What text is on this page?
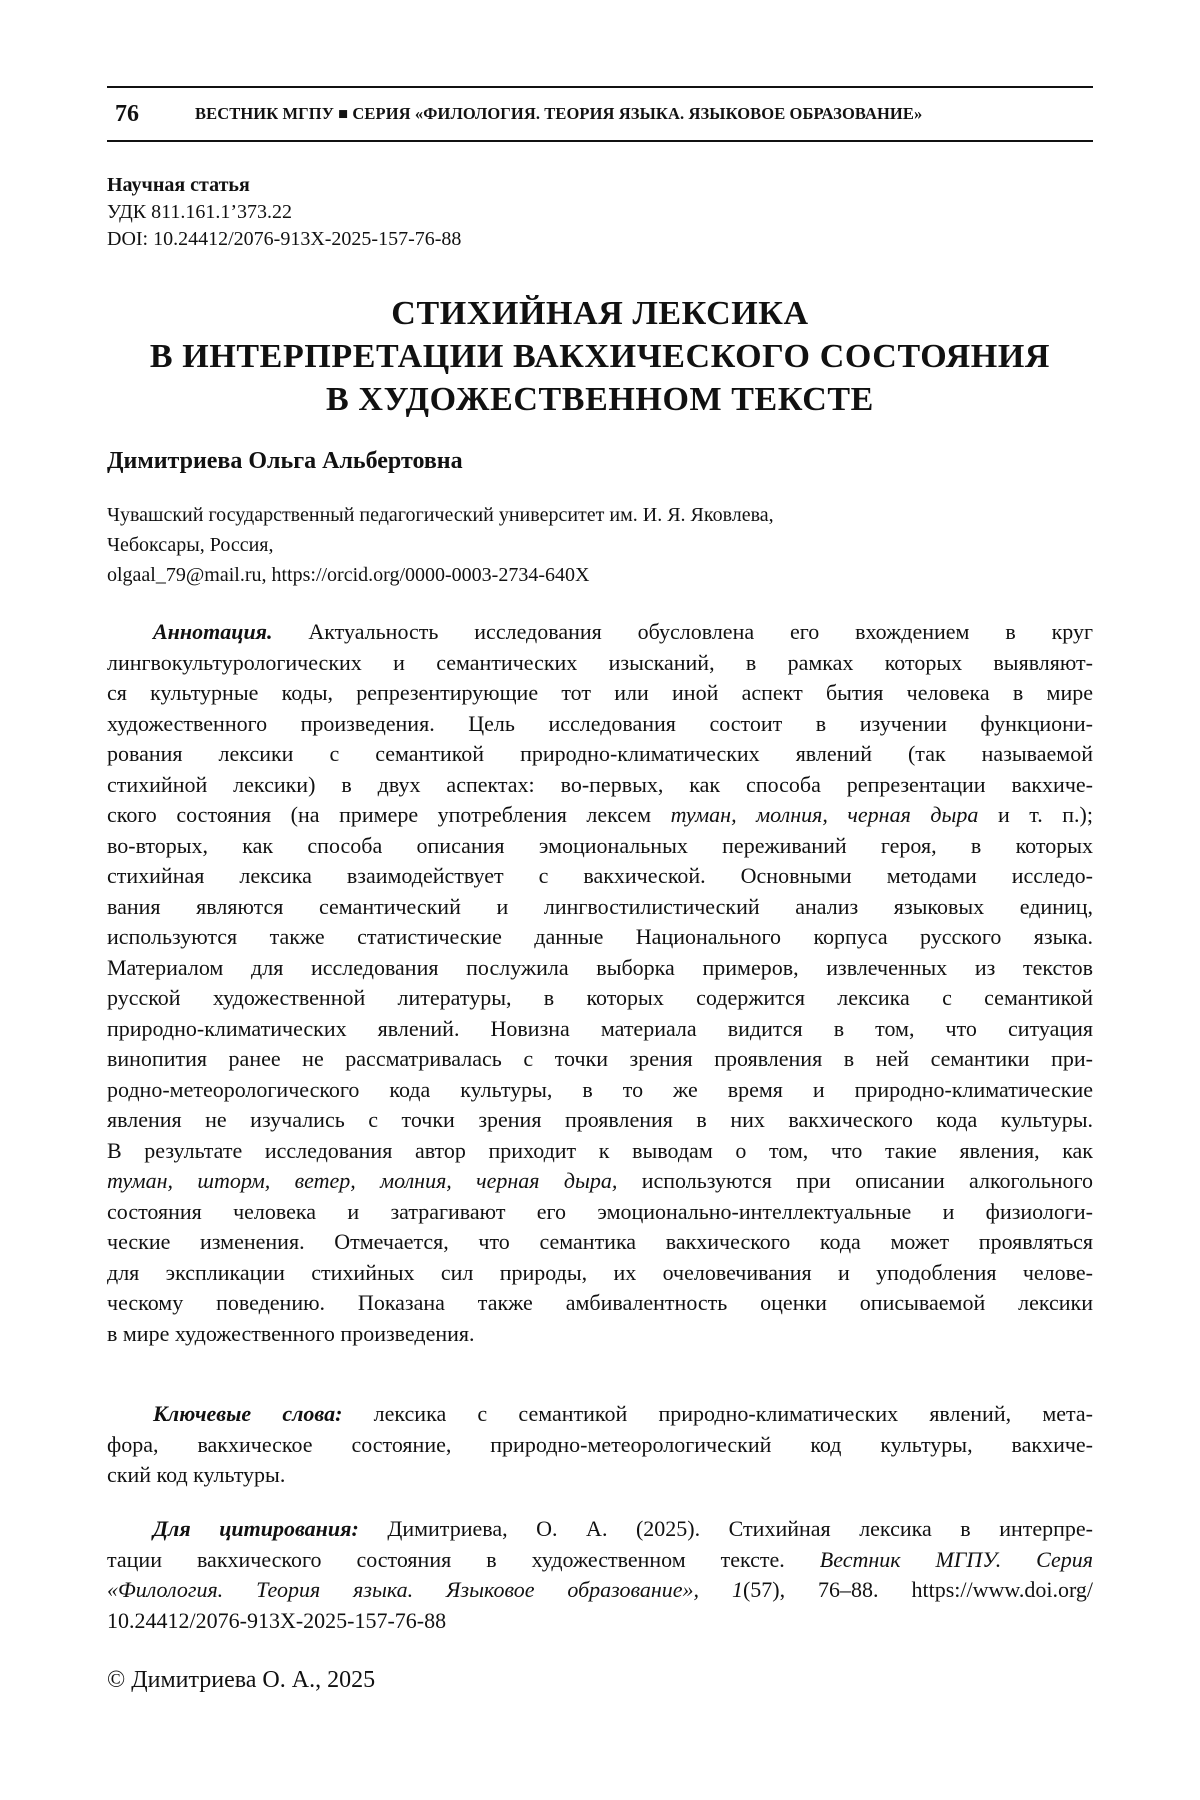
76	ВЕСТНИК МГПУ ■ СЕРИЯ «ФИЛОЛОГИЯ. ТЕОРИЯ ЯЗЫКА. ЯЗЫКОВОЕ ОБРАЗОВАНИЕ»
Научная статья
УДК 811.161.1’373.22
DOI: 10.24412/2076-913X-2025-157-76-88
СТИХИЙНАЯ ЛЕКСИКА
В ИНТЕРПРЕТАЦИИ ВАКХИЧЕСКОГО СОСТОЯНИЯ
В ХУДОЖЕСТВЕННОМ ТЕКСТЕ
Димитриева Ольга Альбертовна
Чувашский государственный педагогический университет им. И. Я. Яковлева,
Чебоксары, Россия,
olgaal_79@mail.ru, https://orcid.org/0000-0003-2734-640X
Аннотация. Актуальность исследования обусловлена его вхождением в круг
лингвокультурологических и семантических изысканий, в рамках которых выявляют-
ся культурные коды, репрезентирующие тот или иной аспект бытия человека в мире
художественного произведения. Цель исследования состоит в изучении функциони-
рования лексики с семантикой природно-климатических явлений (так называемой
стихийной лексики) в двух аспектах: во-первых, как способа репрезентации вакхиче-
ского состояния (на примере употребления лексем туман, молния, черная дыра и т. п.);
во-вторых, как способа описания эмоциональных переживаний героя, в которых
стихийная лексика взаимодействует с вакхической. Основными методами исследо-
вания являются семантический и лингвостилистический анализ языковых единиц,
используются также статистические данные Национального корпуса русского языка.
Материалом для исследования послужила выборка примеров, извлеченных из текстов
русской художественной литературы, в которых содержится лексика с семантикой
природно-климатических явлений. Новизна материала видится в том, что ситуация
винопития ранее не рассматривалась с точки зрения проявления в ней семантики при-
родно-метеорологического кода культуры, в то же время и природно-климатические
явления не изучались с точки зрения проявления в них вакхического кода культуры.
В результате исследования автор приходит к выводам о том, что такие явления, как
туман, шторм, ветер, молния, черная дыра, используются при описании алкогольного
состояния человека и затрагивают его эмоционально-интеллектуальные и физиологи-
ческие изменения. Отмечается, что семантика вакхического кода может проявляться
для экспликации стихийных сил природы, их очеловечивания и уподобления челове-
ческому поведению. Показана также амбивалентность оценки описываемой лексики
в мире художественного произведения.
Ключевые слова: лексика с семантикой природно-климатических явлений, мета-
фора, вакхическое состояние, природно-метеорологический код культуры, вакхиче-
ский код культуры.
Для цитирования: Димитриева, О. А. (2025). Стихийная лексика в интерпре-
тации вакхического состояния в художественном тексте. Вестник МГПУ. Серия
«Филология. Теория языка. Языковое образование», 1(57), 76–88. https://www.doi.org/
10.24412/2076-913X-2025-157-76-88
© Димитриева О. А., 2025
